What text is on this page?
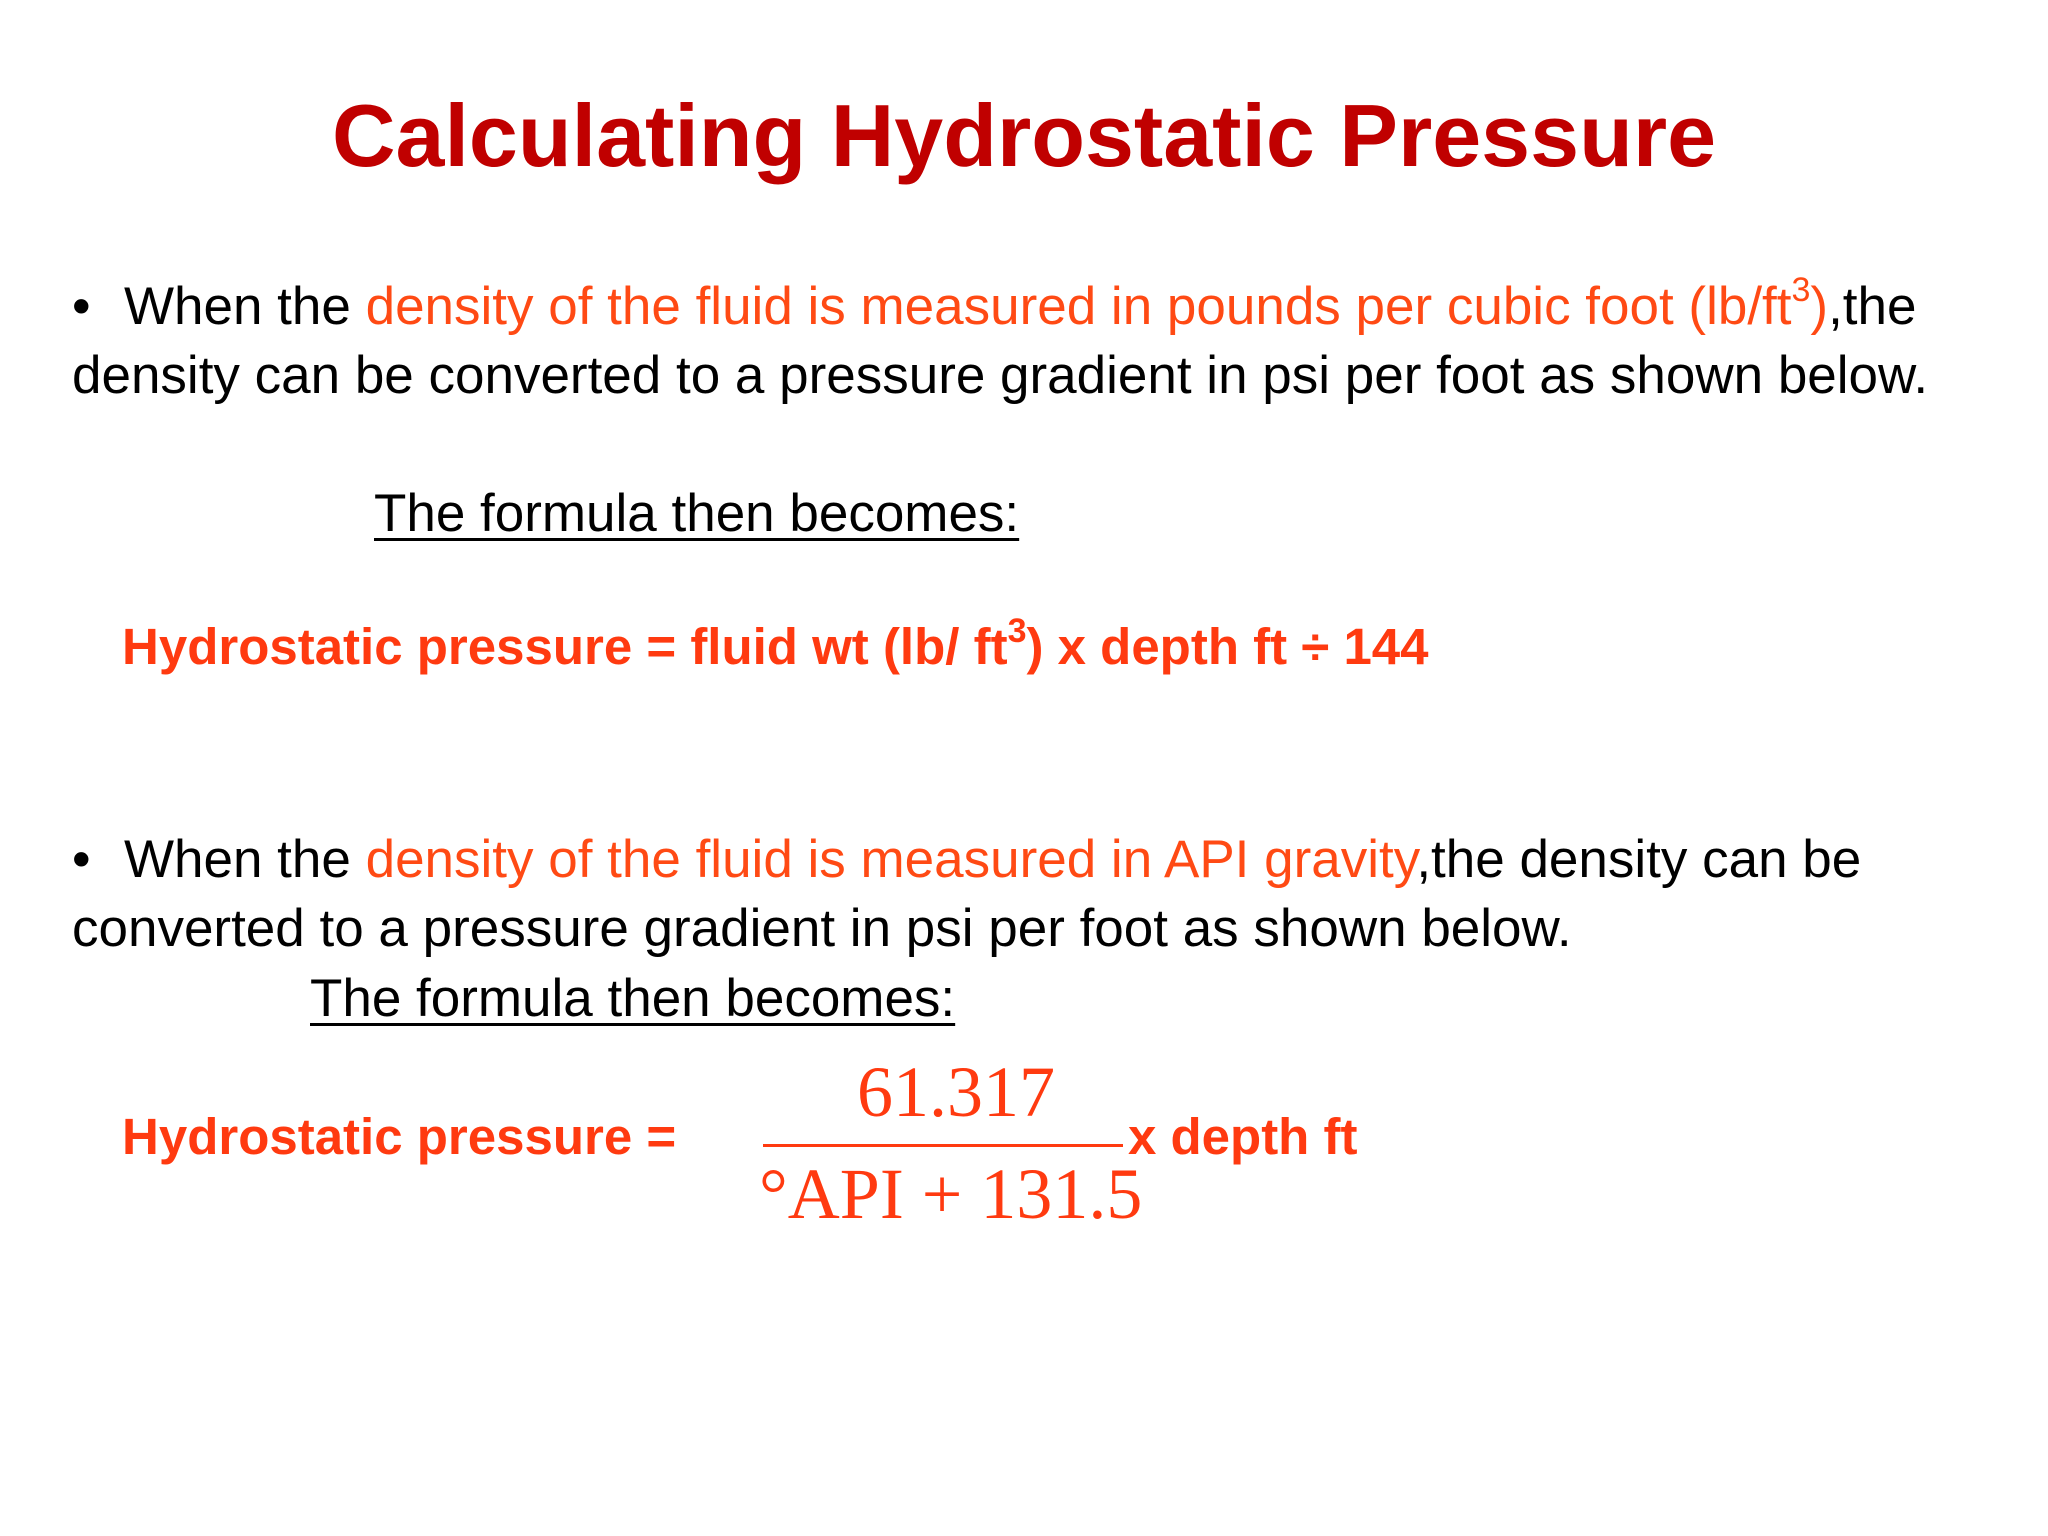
Calculating Hydrostatic Pressure
• When the density of the fluid is measured in pounds per cubic foot $(lb/ft^3),the$ density can be converted to a pressure gradient in psi per foot as shown below.
The formula then becomes:
Hydrostatic pressure = fluid wt (lb/ $ft^3$) x depth ft ÷ 144
• When the density of the fluid is measured in API gravity,the density can be converted to a pressure gradient in psi per foot as shown below.
The formula then becomes:
Hydrostatic pressure =
61.317
°API + 131.5
x depth ft
